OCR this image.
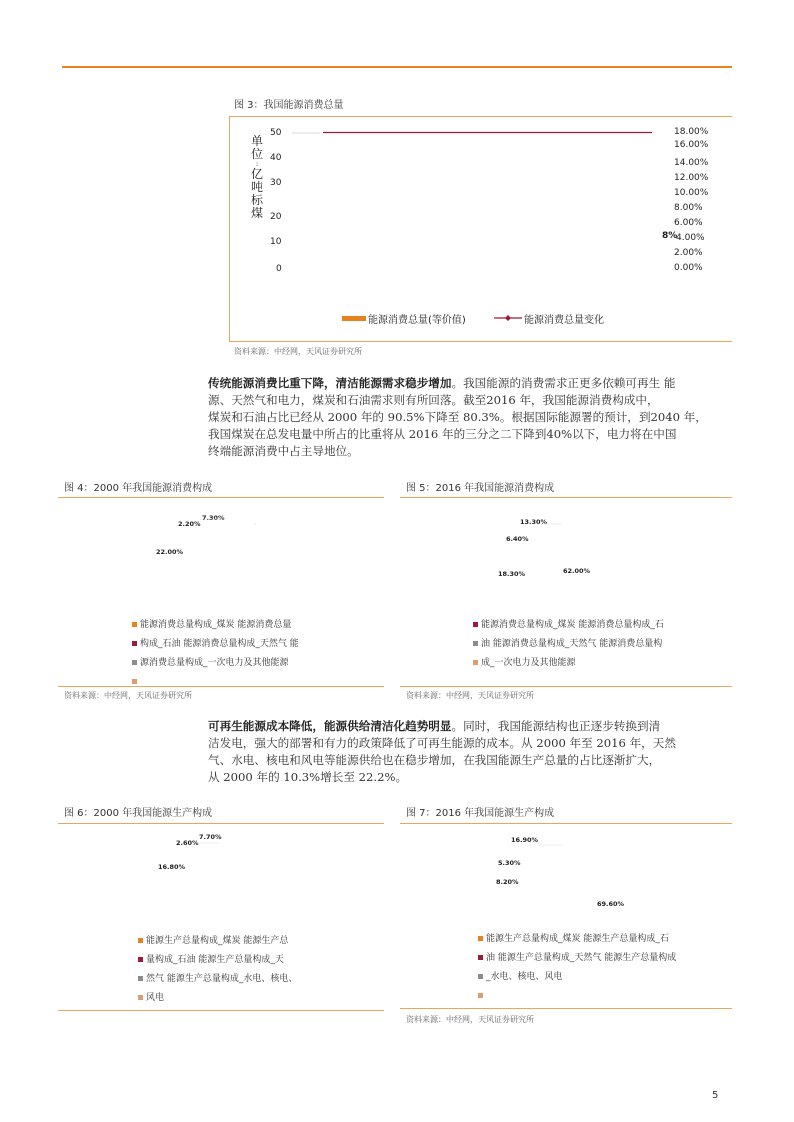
图 3：我国能源消费总量
单
位
:
亿
吨
标
煤
50
40
30
20
10
0
18.00%
16.00%
14.00%
12.00%
10.00%
8.00%
6.00%
8%
4.00%
2.00%
0.00%
能源消费总量(等价值)	能源消费总量变化
资料来源：中经网，天风证券研究所
传统能源消费比重下降，清洁能源需求稳步增加。我国能源的消费需求正更多依赖可再生 能
源、天然气和电力，煤炭和石油需求则有所回落。截至2016 年，我国能源消费构成中，
煤炭和石油占比已经从 2000 年的 90.5%下降至 80.3%。根据国际能源署的预计，到2040 年，
我国煤炭在总发电量中所占的比重将从 2016 年的三分之二下降到40%以下，电力将在中国
终端能源消费中占主导地位。
图 4：2000 年我国能源消费构成
7.30%
2.20%
22.00%
能源消费总量构成_煤炭 能源消费总量
构成_石油 能源消费总量构成_天然气 能
源消费总量构成_一次电力及其他能源
资料来源：中经网，天风证券研究所
图 5：2016 年我国能源消费构成
13.30%
6.40%
18.30%	62.00%
能源消费总量构成_煤炭 能源消费总量构成_石
油 能源消费总量构成_天然气 能源消费总量构
成_一次电力及其他能源
资料来源：中经网，天风证券研究所
可再生能源成本降低，能源供给清洁化趋势明显。同时，我国能源结构也正逐步转换到清
洁发电，强大的部署和有力的政策降低了可再生能源的成本。从 2000 年至 2016 年，天然
气、水电、核电和风电等能源供给也在稳步增加，在我国能源生产总量的占比逐渐扩大，
从 2000 年的 10.3%增长至 22.2%。
图 6：2000 年我国能源生产构成
7.70%
2.60%
16.80%
能源生产总量构成_煤炭 能源生产总
量构成_石油 能源生产总量构成_天
然气 能源生产总量构成_水电、核电、
风电
图 7：2016 年我国能源生产构成
16.90%
5.30%
8.20%
69.60%
能源生产总量构成_煤炭 能源生产总量构成_石
油 能源生产总量构成_天然气 能源生产总量构成
_水电、核电、风电
资料来源：中经网，天风证券研究所
5
